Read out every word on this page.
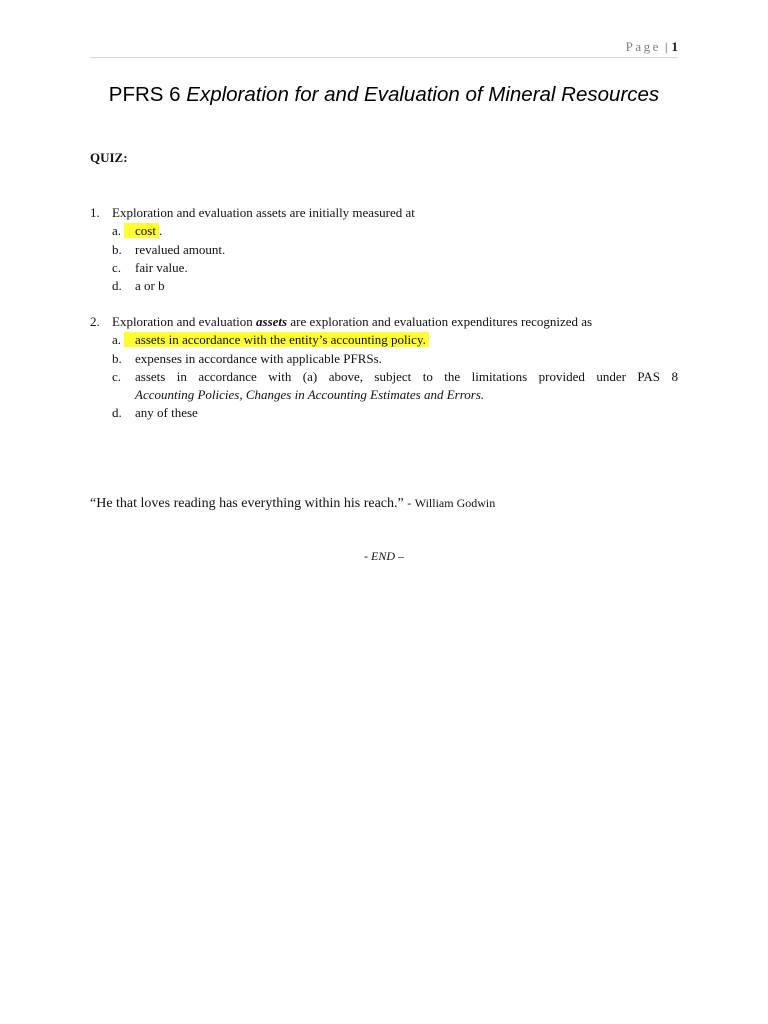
Page | 1
PFRS 6 Exploration for and Evaluation of Mineral Resources
QUIZ:
1. Exploration and evaluation assets are initially measured at
a. cost .
b. revalued amount.
c. fair value.
d. a or b
2. Exploration and evaluation assets are exploration and evaluation expenditures recognized as
a. assets in accordance with the entity’s accounting policy.
b. expenses in accordance with applicable PFRSs.
c. assets in accordance with (a) above, subject to the limitations provided under PAS 8
Accounting Policies, Changes in Accounting Estimates and Errors.
d. any of these
“He that loves reading has everything within his reach.” - William Godwin
- END –
